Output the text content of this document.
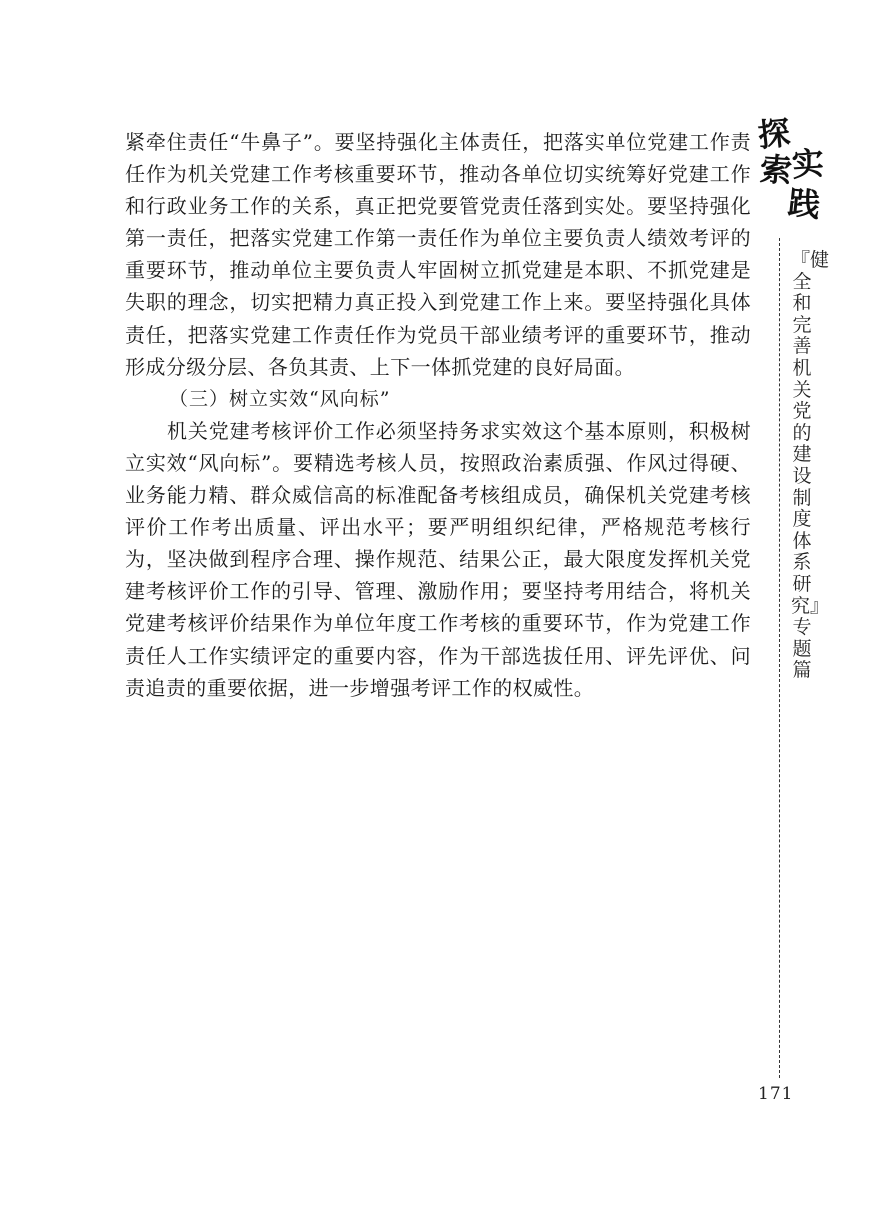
紧牵住责任“牛鼻子”。要坚持强化主体责任，把落实单位党建工作责任作为机关党建工作考核重要环节，推动各单位切实统筹好党建工作和行政业务工作的关系，真正把党要管党责任落到实处。要坚持强化第一责任，把落实党建工作第一责任作为单位主要负责人绩效考评的重要环节，推动单位主要负责人牢固树立抓党建是本职、不抓党建是失职的理念，切实把精力真正投入到党建工作上来。要坚持强化具体责任，把落实党建工作责任作为党员干部业绩考评的重要环节，推动形成分级分层、各负其责、上下一体抓党建的良好局面。

（三）树立实效“风向标”

机关党建考核评价工作必须坚持务求实效这个基本原则，积极树立实效“风向标”。要精选考核人员，按照政治素质强、作风过得硬、业务能力精、群众威信高的标准配备考核组成员，确保机关党建考核评价工作考出质量、评出水平；要严明组织纪律，严格规范考核行为，坚决做到程序合理、操作规范、结果公正，最大限度发挥机关党建考核评价工作的引导、管理、激励作用；要坚持考用结合，将机关党建考核评价结果作为单位年度工作考核的重要环节，作为党建工作责任人工作实绩评定的重要内容，作为干部选拔任用、评先评优、问责追责的重要依据，进一步增强考评工作的权威性。

探
索
实
践
『健全和完善机关党的建设制度体系研究』专题篇
171
